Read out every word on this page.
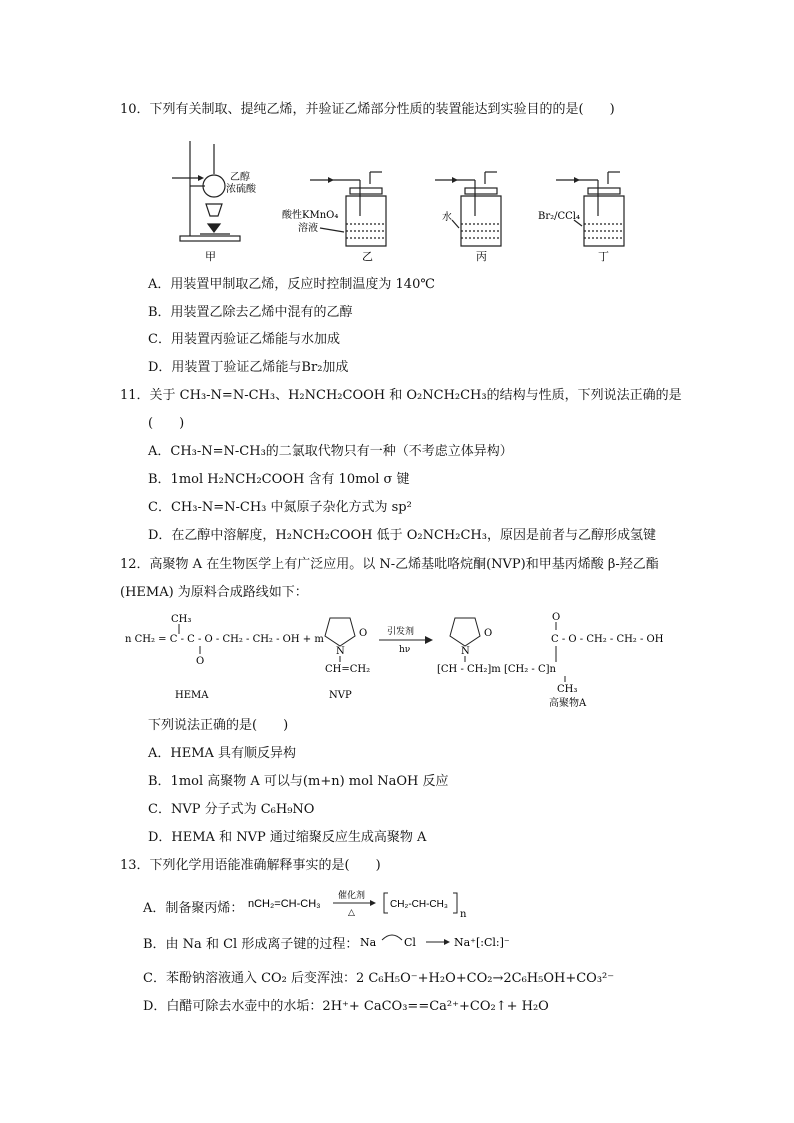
10．下列有关制取、提纯乙烯，并验证乙烯部分性质的装置能达到实验目的的是(　　)
乙醇
浓硫酸
甲
酸性KMnO₄
溶液
乙
水
丙
Br₂/CCl₄
丁
A．用装置甲制取乙烯，反应时控制温度为 140℃
B．用装置乙除去乙烯中混有的乙醇
C．用装置丙验证乙烯能与水加成
D．用装置丁验证乙烯能与Br₂加成
11．关于 CH₃-N=N-CH₃、H₂NCH₂COOH 和 O₂NCH₂CH₃的结构与性质，下列说法正确的是
(　　)
A．CH₃-N=N-CH₃的二氯取代物只有一种（不考虑立体异构）
B．1mol H₂NCH₂COOH 含有 10mol σ 键
C．CH₃-N=N-CH₃ 中氮原子杂化方式为 sp²
D．在乙醇中溶解度，H₂NCH₂COOH 低于 O₂NCH₂CH₃，原因是前者与乙醇形成氢键
12．高聚物 A 在生物医学上有广泛应用。以 N-乙烯基吡咯烷酮(NVP)和甲基丙烯酸 β-羟乙酯
(HEMA) 为原料合成路线如下：
CH₃
n CH₂ = C - C - O - CH₂ - CH₂ - OH + m
O
O
N
CH=CH₂
引发剂
hν
O
N
[CH - CH₂]m [CH₂ - C]n
O
C - O - CH₂ - CH₂ - OH
CH₃
HEMA	NVP
高聚物A
下列说法正确的是(　　)
A．HEMA 具有顺反异构
B．1mol 高聚物 A 可以与(m+n) mol NaOH 反应
C．NVP 分子式为 C₆H₉NO
D．HEMA 和 NVP 通过缩聚反应生成高聚物 A
13．下列化学用语能准确解释事实的是(　　)
A．制备聚丙烯： nCH₂=CH-CH₃
催化剂
△
CH₂-CH-CH₃
n
B．由 Na 和 Cl 形成离子键的过程： Na	Cl	Na⁺[:Cl:]⁻
C．苯酚钠溶液通入 CO₂ 后变浑浊：2 C₆H₅O⁻+H₂O+CO₂→2C₆H₅OH+CO₃²⁻
D．白醋可除去水壶中的水垢：2H⁺+ CaCO₃==Ca²⁺+CO₂↑+ H₂O
